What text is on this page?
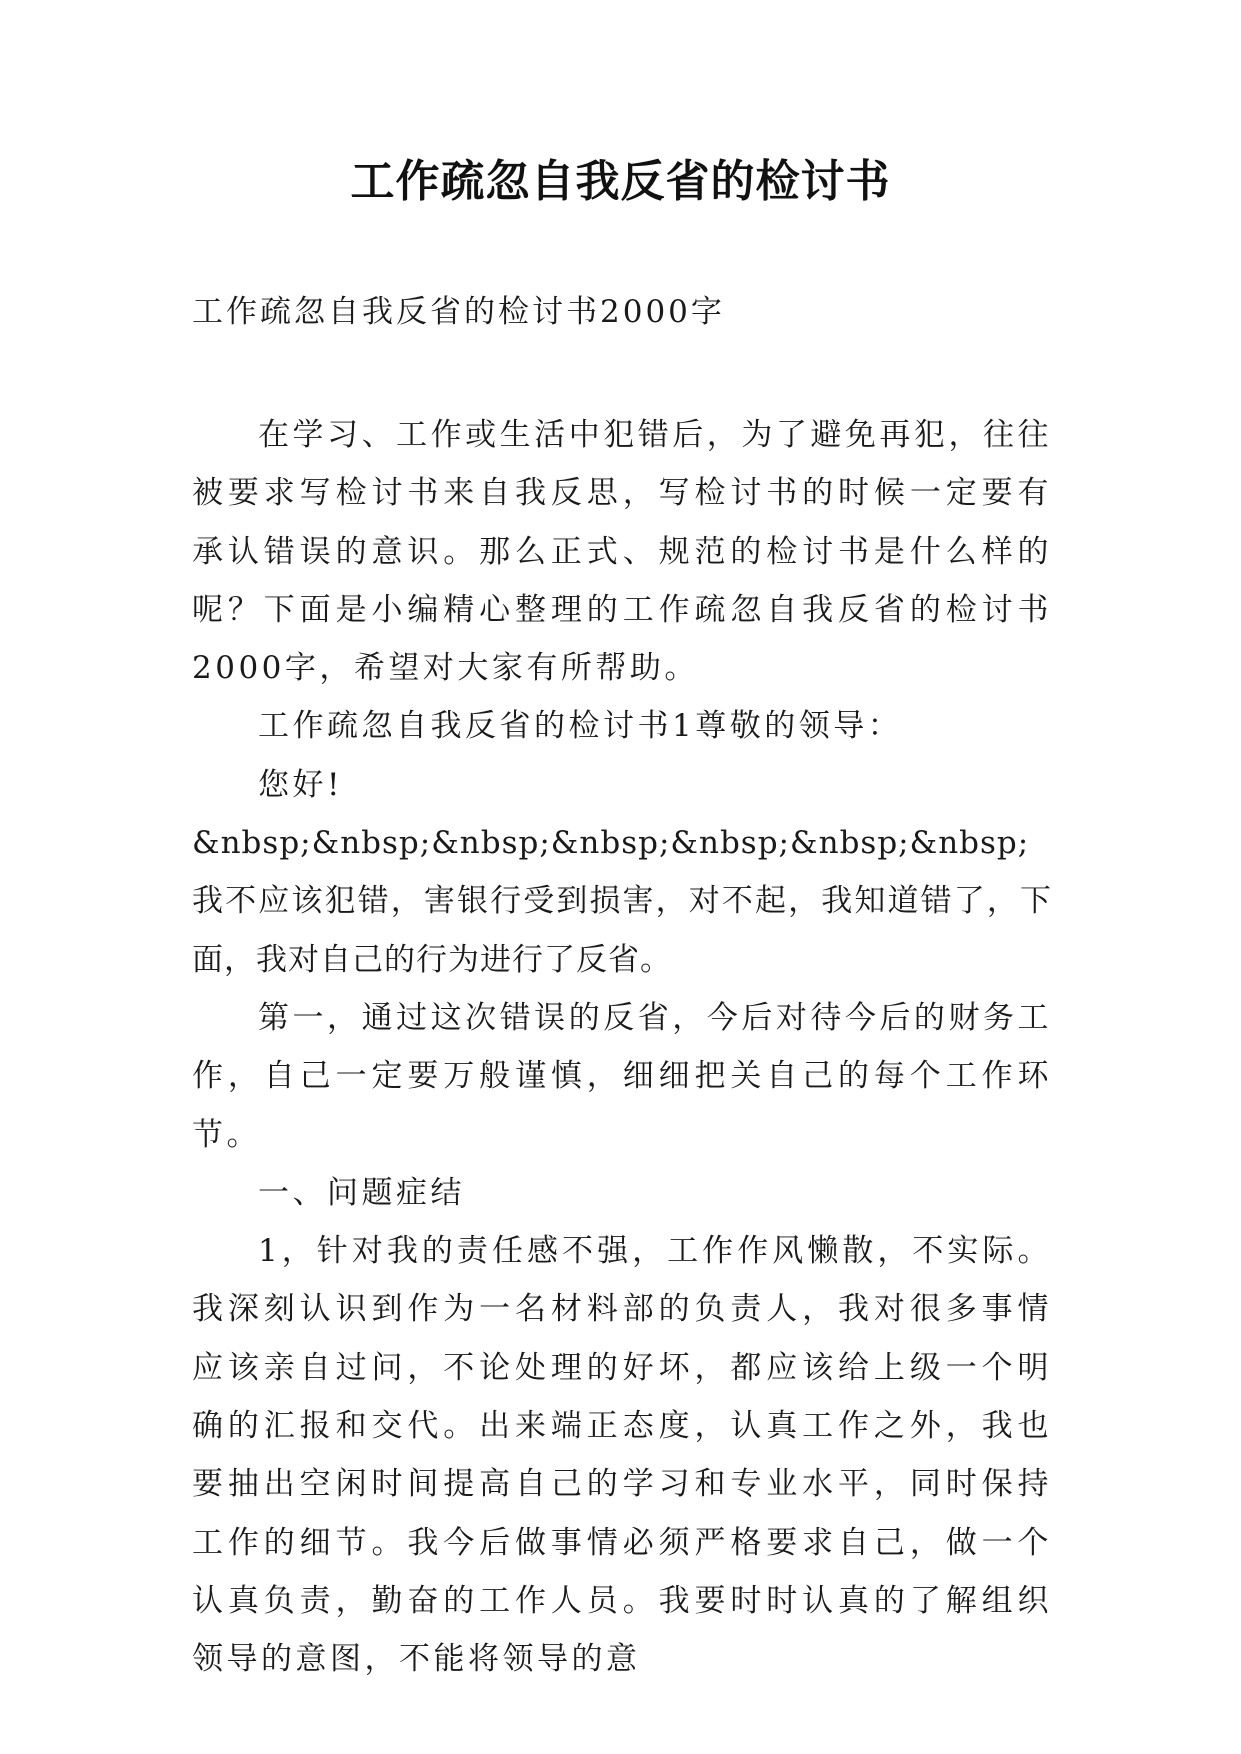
工作疏忽自我反省的检讨书
工作疏忽自我反省的检讨书2000字

在学习、工作或生活中犯错后，为了避免再犯，往往被要求写检讨书来自我反思，写检讨书的时候一定要有承认错误的意识。那么正式、规范的检讨书是什么样的呢？下面是小编精心整理的工作疏忽自我反省的检讨书2000字，希望对大家有所帮助。

工作疏忽自我反省的检讨书1尊敬的领导：

您好!

&nbsp;&nbsp;&nbsp;&nbsp;&nbsp;&nbsp;&nbsp;我不应该犯错，害银行受到损害，对不起，我知道错了，下面，我对自己的行为进行了反省。

第一，通过这次错误的反省，今后对待今后的财务工作，自己一定要万般谨慎，细细把关自己的每个工作环节。

一、问题症结

1，针对我的责任感不强，工作作风懒散，不实际。我深刻认识到作为一名材料部的负责人，我对很多事情应该亲自过问，不论处理的好坏，都应该给上级一个明确的汇报和交代。出来端正态度，认真工作之外，我也要抽出空闲时间提高自己的学习和专业水平，同时保持工作的细节。我今后做事情必须严格要求自己，做一个认真负责，勤奋的工作人员。我要时时认真的了解组织领导的意图，不能将领导的意
